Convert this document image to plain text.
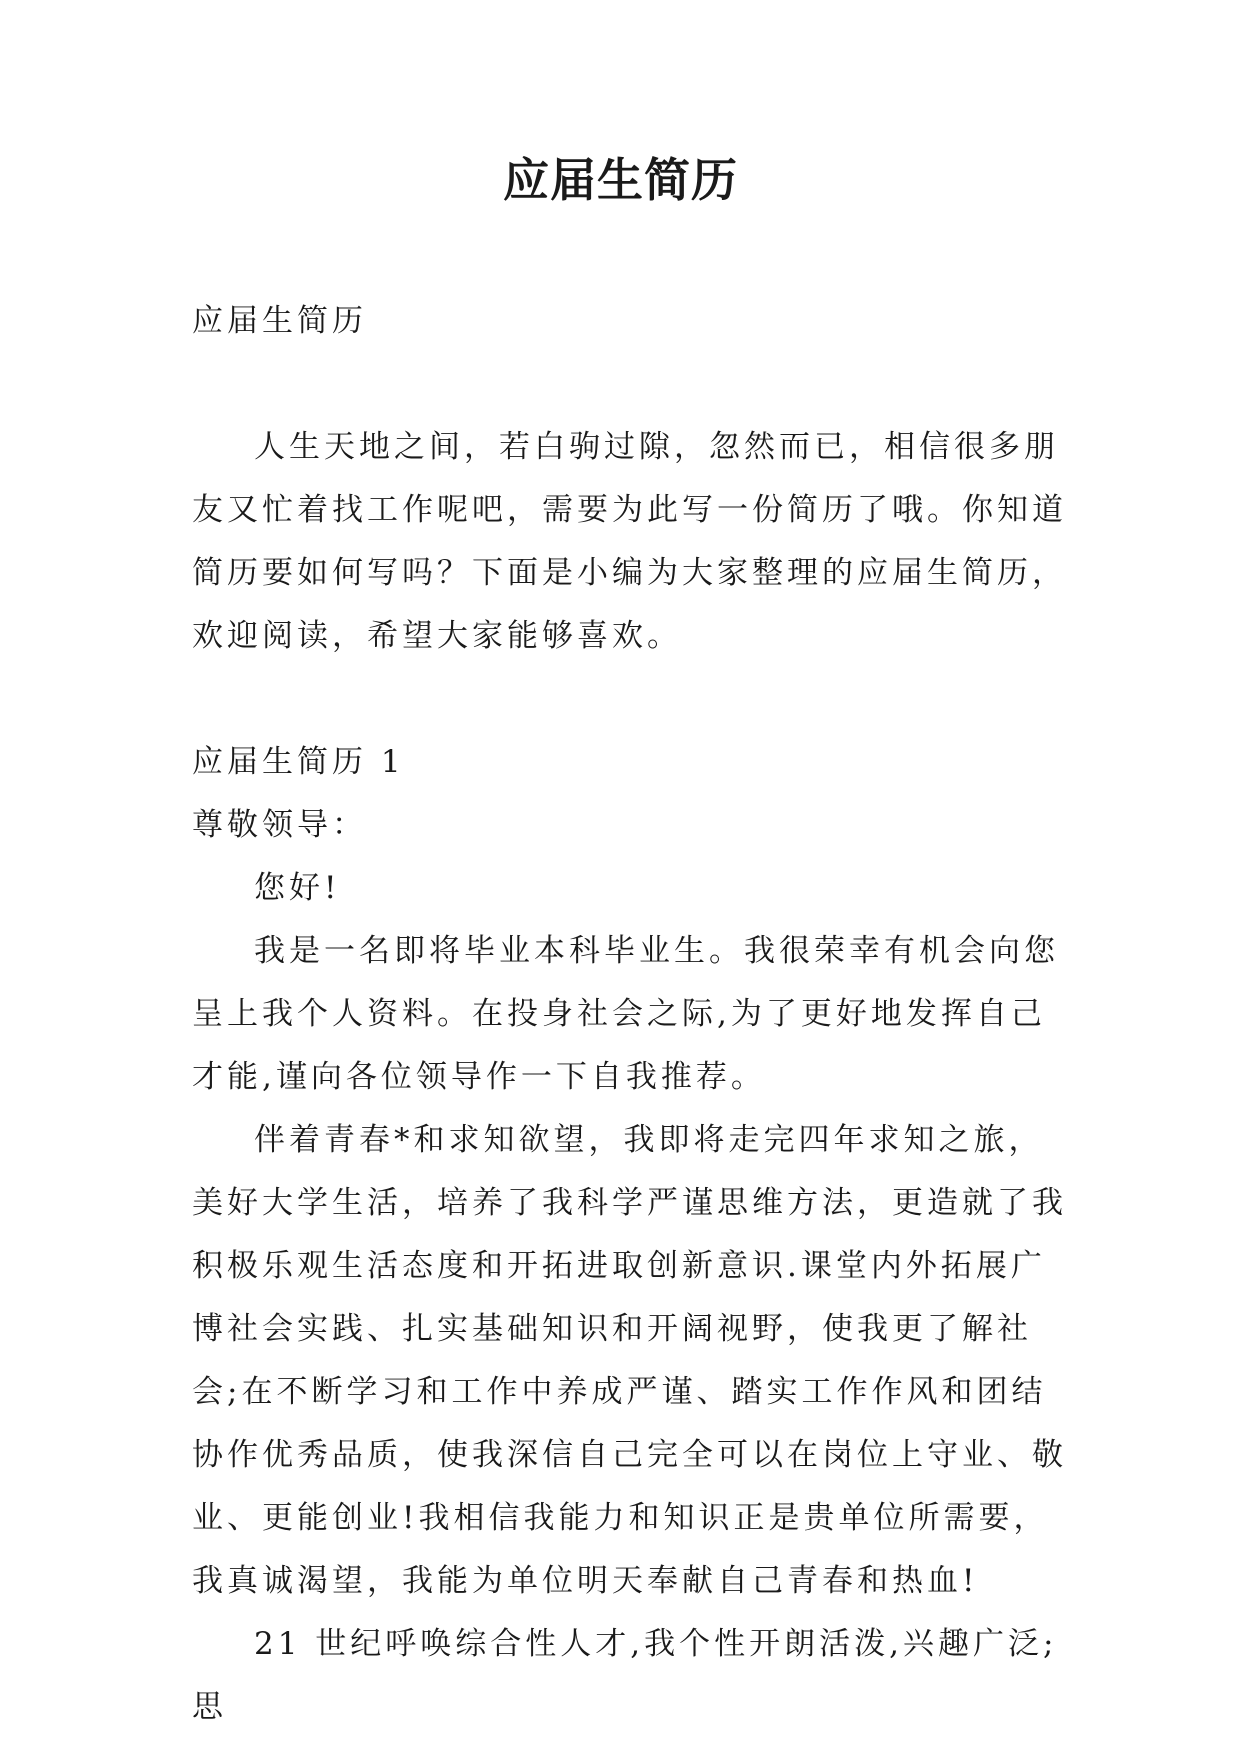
应届生简历

应届生简历

人生天地之间，若白驹过隙，忽然而已，相信很多朋友又忙着找工作呢吧，需要为此写一份简历了哦。你知道简历要如何写吗？下面是小编为大家整理的应届生简历，欢迎阅读，希望大家能够喜欢。

应届生简历 1

尊敬领导：

您好!

我是一名即将毕业本科毕业生。我很荣幸有机会向您呈上我个人资料。在投身社会之际,为了更好地发挥自己才能,谨向各位领导作一下自我推荐。

伴着青春*和求知欲望，我即将走完四年求知之旅，美好大学生活，培养了我科学严谨思维方法，更造就了我积极乐观生活态度和开拓进取创新意识.课堂内外拓展广博社会实践、扎实基础知识和开阔视野，使我更了解社会;在不断学习和工作中养成严谨、踏实工作作风和团结协作优秀品质，使我深信自己完全可以在岗位上守业、敬业、更能创业!我相信我能力和知识正是贵单位所需要，我真诚渴望，我能为单位明天奉献自己青春和热血!

21 世纪呼唤综合性人才,我个性开朗活泼,兴趣广泛;思
